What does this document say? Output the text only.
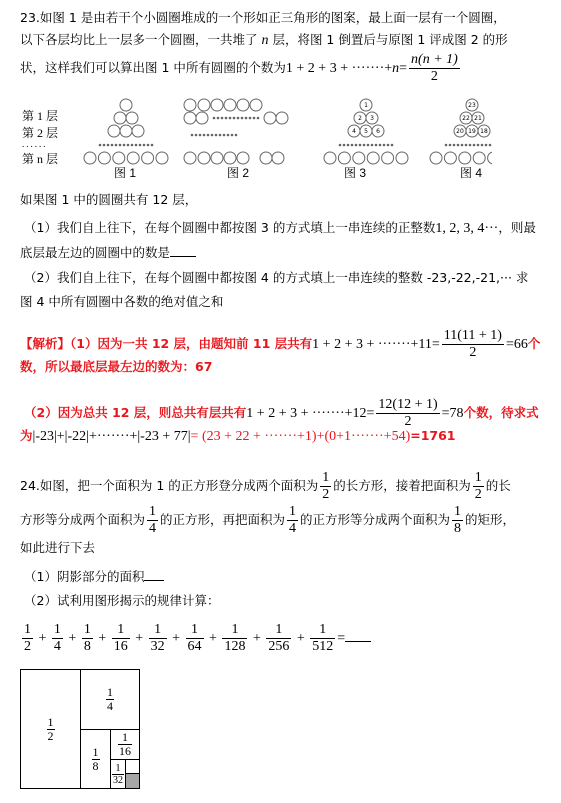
23.如图 1 是由若干个小圆圈堆成的一个形如正三角形的图案，最上面一层有一个圆圈，
以下各层均比上一层多一个圆圈，一共堆了 n 层，将图 1 倒置后与原图 1 评成图 2 的形
状，这样我们可以算出图 1 中所有圆圈的个数为$1 + 2 + 3 + \cdot\cdot\cdot\cdot\cdot\cdot\cdot+n= \frac{n(n + 1)}{2}$
第 1 层
第 2 层
......
第 n 层
图 1	图 2	图 3	图 4
1
2 3
4 5 6
23
22 21
20 19 18
如果图 1 中的圆圈共有 12 层，
（1）我们自上往下，在每个圆圈中都按图 3 的方式填上一串连续的正整数1, 2, 3, 4···，则最
底层最左边的圆圈中的数是
（2）我们自上往下，在每个圆圈中都按图 4 的方式填上一串连续的整数 -23,-22,-21,··· 求
图 4 中所有圆圈中各数的绝对值之和
【解析】（1）因为一共 12 层，由题知前 11 层共有$1 + 2 + 3 + \cdot\cdot\cdot\cdot\cdot\cdot\cdot+11= \frac{11(11 + 1)}{2} =66$个
数，所以最底层最左边的数为：67
（2）因为总共 12 层，则总共有层共有$1 + 2 + 3 + \cdot\cdot\cdot\cdot\cdot\cdot\cdot+12= \frac{12(12 + 1)}{2} =78$个数，待求式
为|-23|+|-22|+·······+|-23 + 77|= (23 + 22 + ·······+1)+(0+1·······+54)=1761
24.如图，把一个面积为 1 的正方形登分成两个面积为 $\frac{1}{2}$ 的长方形，接着把面积为 $\frac{1}{2}$ 的长
方形等分成两个面积为 $\frac{1}{4}$ 的正方形，再把面积为 $\frac{1}{4}$ 的正方形等分成两个面积为 $\frac{1}{8}$ 的矩形，
如此进行下去
（1）阴影部分的面积
（2）试利用图形揭示的规律计算：
$\frac{1}{2} + \frac{1}{4} + \frac{1}{8} + \frac{1}{16} + \frac{1}{32} + \frac{1}{64} + \frac{1}{128} + \frac{1}{256} + \frac{1}{512}$ =
1
2
1
4
1
8
1
16
1
32
